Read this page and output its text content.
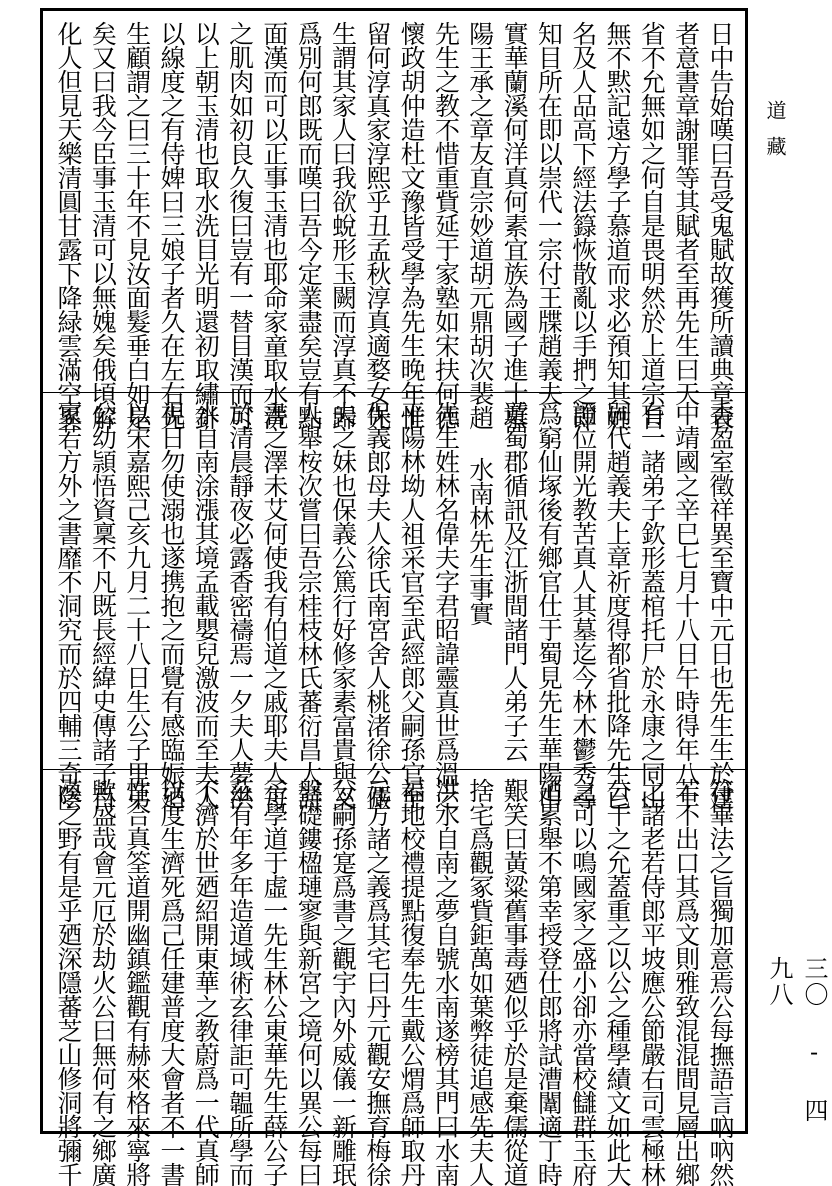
日中告始嘆曰吾受鬼賦故獲所讀典章表
者意書章謝罪等其賦者至再先生曰天
省不允無如之何自是畏明然於上道宗旨
無不黙記遠方學子慕道而求必預知其姓
名及人品高下經法籙恢散亂以手捫之即
知目所在即以崇代一宗付王牒趙義夫
實華蘭溪何洋真何素宜族為國子進士慕
陽王承之章友直宗妙道胡元鼎胡次裴趙
先生之教不惜重貲延于家塾如宋扶何德
懷政胡仲造杜文豫皆受學為先生晚年惟
留何淳真家淳熙乎丑孟秋淳真適婺女先
生謂其家人曰我欲蛻形玉闕而淳真不歸
爲別何郎既而嘆曰吾今定業盡矣豈有點
面漢而可以正事玉清也耶命家童取水洗
之肌肉如初良久復曰豈有一替目漢而可
以上朝玉清也取水洗目光明還初取繡針
以線度之有侍婢曰三娘子者久在左右先
生顧謂之曰三十年不見汝面髮垂白如是
矣又曰我今臣事玉清可以無媿矣俄頃解
化人但見天樂清圓甘露下降緑雲滿空異
香盈室徵祥異至寶中元日也先生生於建
中靖國之辛巳七月十八日午時得年八十
有一諸弟子欽形蓋棺托尸於永康之同山
嗣代趙義夫上章祈度得都省批降先生已
證位開光教苦真人其墓迄今林木鬱秀尋
爲窮仙塚後有鄉官仕于蜀見先生華陽巾
遊蜀郡循訊及江浙間諸門人弟子云
水南林先生事實
先生姓林名偉夫字君昭諱靈真世爲溫之
平陽林坳人祖采官至武經郎父嗣孫官至
保義郎母夫人徐氏南宮舍人桃渚徐公儼
夫之妹也保義公篤行好修家素富貴與叉
人舉桉次嘗曰吾宗桂枝林氏蕃衍昌大詩
書之澤未艾何使我有伯道之戚耶夫人每
於清晨靜夜必露香密禱焉一夕夫人夢洪
水自南涂漲其境孟載嬰兒激波而至夫人
視日勿使溺也遂携抱之而覺有感臨娠廼
以宋嘉熙己亥九月二十八日生公子里弟
公幼頴悟資稟不凡既長經緯史傳諸子百
家若方外之書靡不洞究而於四輔三奇陰
符畢法之旨獨加意焉公每撫語言吶吶然
若不出口其爲文則雅致混混間見層出鄉
之諸老若侍郎平坡應公節嚴右司雲極林
公千之允蓋重之以公之種學績文如此大
之可以鳴國家之盛小卻亦當校讎群玉府
廼累舉不第幸授登仕郎將試漕闈適丁時
艱笑曰黃粱舊事毒廼似乎於是棄儒從道
捨宅爲觀冢貲鉅萬如葉弊徒追感先夫人
洪水自南之夢自號水南遂榜其門曰水南
福地校禮提點復奉先生戴公煟爲師取丹
元方諸之義爲其宅曰丹元觀安撫育梅徐
公嗣孫寔爲書之觀宇內外威儀一新雕珉
盤礎鏤楹璉寥與新宮之境何以異公每曰
予學道于虛一先生林公東華先生薛公子
茲有年多年造道域術玄律詎可韞所學而
不濟於世廼紹開東華之教蔚爲一代真師
以度生濟死爲己任建普度大會者不一書
性合真筌道開幽鎮鑑觀有赫來格來寧將
歟盛哉會元厄於劫火公曰無何有之鄉廣
漠之野有是乎廼深隱蕃芝山修洞將彌千
道藏
三〇 - 四九八
